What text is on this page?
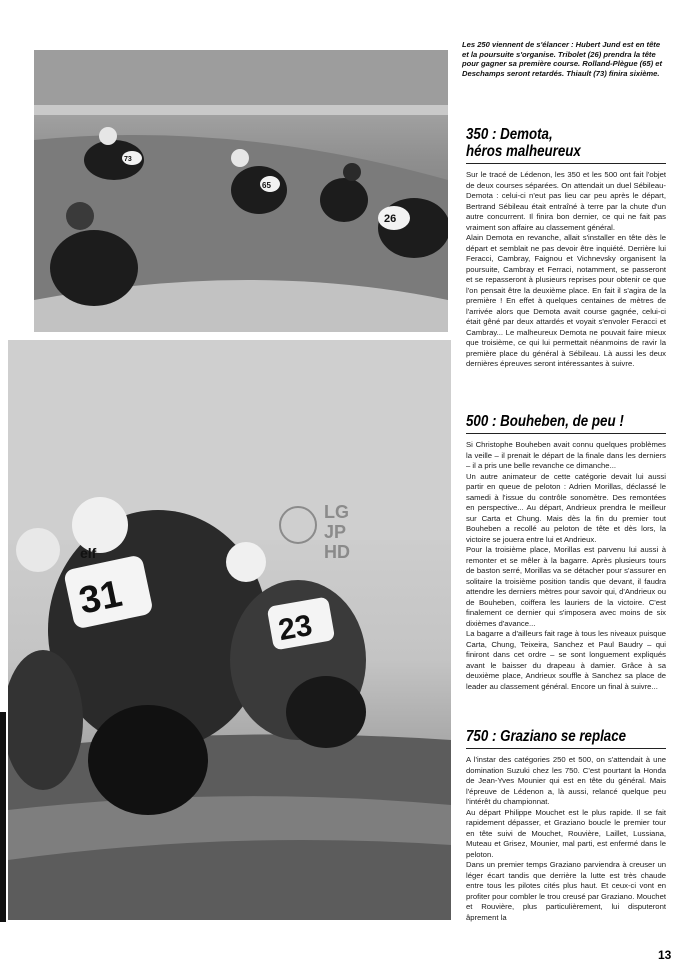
26
65
73

Les 250 viennent de s'élancer : Hubert Jund est en tête et la poursuite s'organise. Tribolet (26) prendra la tête pour gagner sa première course. Rolland-Plègue (65) et Deschamps seront retardés. Thiault (73) finira sixième.

31
elf
23
LG
JP
HD
350 : Demota,
héros malheureux

Sur le tracé de Lédenon, les 350 et les 500 ont fait l'objet de deux courses séparées. On attendait un duel Sébileau-Demota : celui-ci n'eut pas lieu car peu après le départ, Bertrand Sébileau était entraîné à terre par la chute d'un autre concurrent. Il finira bon dernier, ce qui ne fait pas vraiment son affaire au classement général.

Alain Demota en revanche, allait s'installer en tête dès le départ et semblait ne pas devoir être inquiété. Derrière lui Feracci, Cambray, Faignou et Vichnevsky organisent la poursuite, Cambray et Ferraci, notamment, se passeront et se repasseront à plusieurs reprises pour obtenir ce que l'on pensait être la deuxième place. En fait il s'agira de la première ! En effet à quelques centaines de mètres de l'arrivée alors que Demota avait course gagnée, celui-ci était gêné par deux attardés et voyait s'envoler Feracci et Cambray... Le malheureux Demota ne pouvait faire mieux que troisième, ce qui lui permettait néanmoins de ravir la première place du général à Sébileau. Là aussi les deux dernières épreuves seront intéressantes à suivre.

500 : Bouheben, de peu !

Si Christophe Bouheben avait connu quelques problèmes la veille – il prenait le départ de la finale dans les derniers – il a pris une belle revanche ce dimanche...

Un autre animateur de cette catégorie devait lui aussi partir en queue de peloton : Adrien Morillas, déclassé le samedi à l'issue du contrôle sonomètre. Des remontées en perspective... Au départ, Andrieux prendra le meilleur sur Carta et Chung. Mais dès la fin du premier tout Bouheben a recollé au peloton de tête et dès lors, la victoire se jouera entre lui et Andrieux.

Pour la troisième place, Morillas est parvenu lui aussi à remonter et se mêler à la bagarre. Après plusieurs tours de baston serré, Morillas va se détacher pour s'assurer en solitaire la troisième position tandis que devant, il faudra attendre les derniers mètres pour savoir qui, d'Andrieux ou de Bouheben, coiffera les lauriers de la victoire. C'est finalement ce dernier qui s'imposera avec moins de six dixièmes d'avance...

La bagarre a d'ailleurs fait rage à tous les niveaux puisque Carta, Chung, Teixeira, Sanchez et Paul Baudry – qui finiront dans cet ordre – se sont longuement expliqués avant le baisser du drapeau à damier. Grâce à sa deuxième place, Andrieux souffle à Sanchez sa place de leader au classement général. Encore un final à suivre...

750 : Graziano se replace

A l'instar des catégories 250 et 500, on s'attendait à une domination Suzuki chez les 750. C'est pourtant la Honda de Jean-Yves Mounier qui est en tête du général. Mais l'épreuve de Lédenon a, là aussi, relancé quelque peu l'intérêt du championnat.

Au départ Philippe Mouchet est le plus rapide. Il se fait rapidement dépasser, et Graziano boucle le premier tour en tête suivi de Mouchet, Rouvière, Laillet, Lussiana, Muteau et Grisez, Mounier, mal parti, est enfermé dans le peloton.

Dans un premier temps Graziano parviendra à creuser un léger écart tandis que derrière la lutte est très chaude entre tous les pilotes cités plus haut. Et ceux-ci vont en profiter pour combler le trou creusé par Graziano. Mouchet et Rouvière, plus particulièrement, lui disputeront âprement la

13
